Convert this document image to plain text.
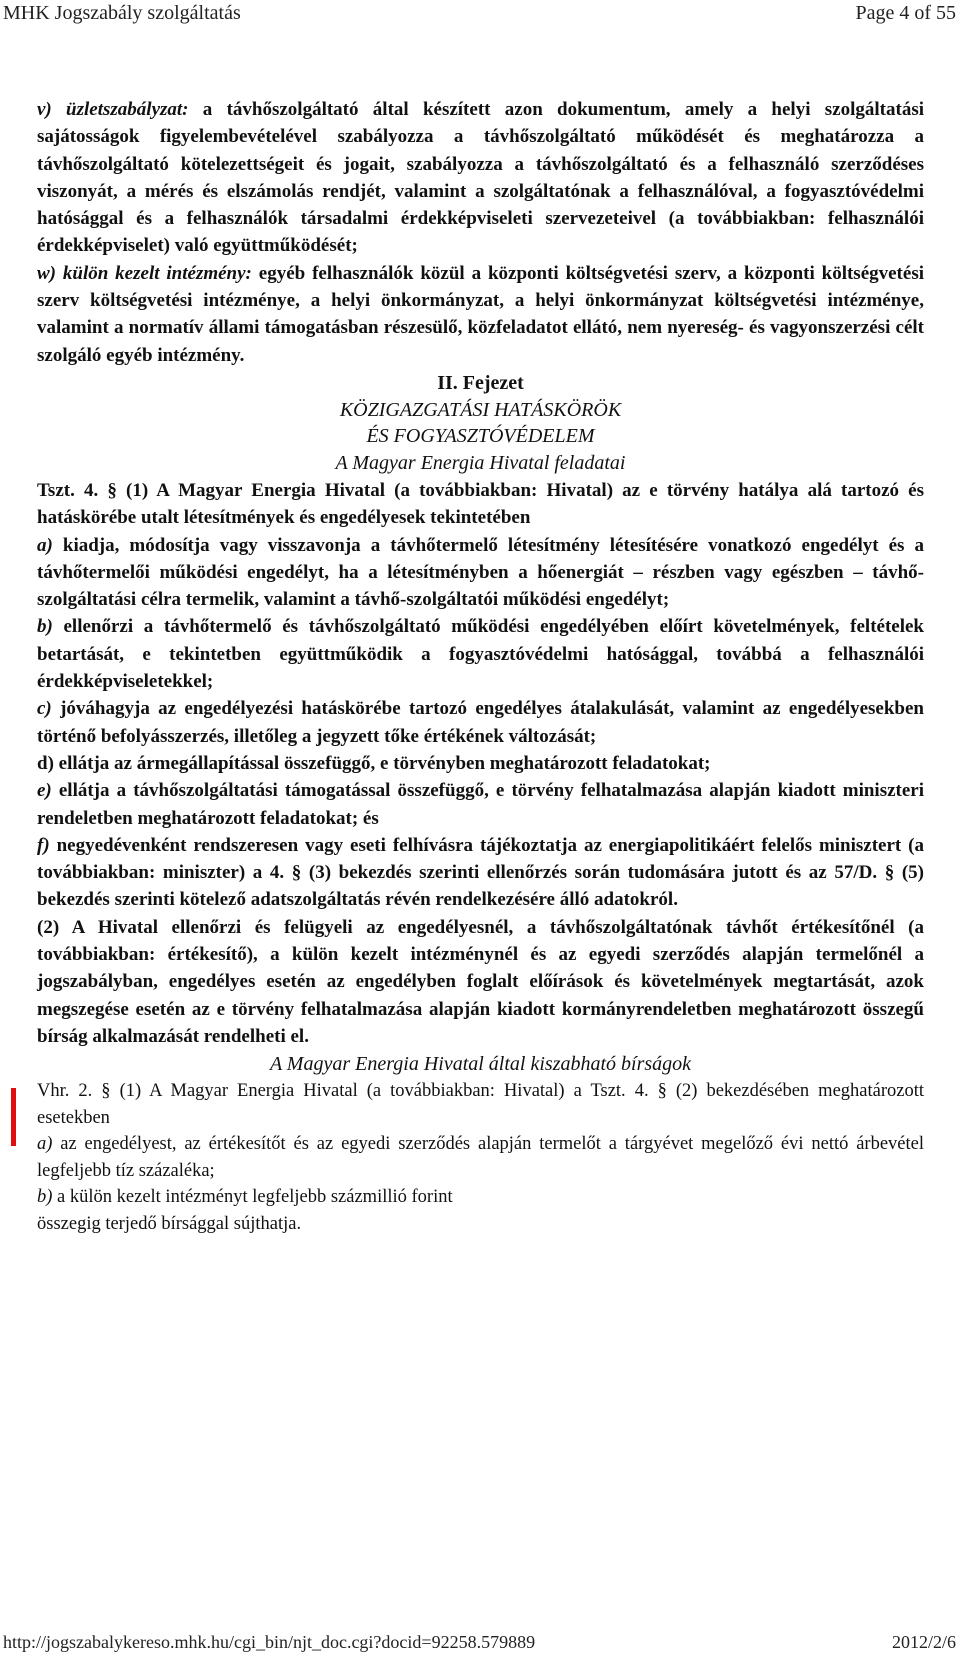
MHK Jogszabály szolgáltatás	Page 4 of 55

v) üzletszabályzat: a távhőszolgáltató által készített azon dokumentum, amely a helyi szolgáltatási sajátosságok figyelembevételével szabályozza a távhőszolgáltató működését és meghatározza a távhőszolgáltató kötelezettségeit és jogait, szabályozza a távhőszolgáltató és a felhasználó szerződéses viszonyát, a mérés és elszámolás rendjét, valamint a szolgáltatónak a felhasználóval, a fogyasztóvédelmi hatósággal és a felhasználók társadalmi érdekképviseleti szervezeteivel (a továbbiakban: felhasználói érdekképviselet) való együttműködését;

w) külön kezelt intézmény: egyéb felhasználók közül a központi költségvetési szerv, a központi költségvetési szerv költségvetési intézménye, a helyi önkormányzat, a helyi önkormányzat költségvetési intézménye, valamint a normatív állami támogatásban részesülő, közfeladatot ellátó, nem nyereség- és vagyonszerzési célt szolgáló egyéb intézmény.

II. Fejezet

KÖZIGAZGATÁSI HATÁSKÖRÖK
ÉS FOGYASZTÓVÉDELEM

A Magyar Energia Hivatal feladatai

Tszt. 4. § (1) A Magyar Energia Hivatal (a továbbiakban: Hivatal) az e törvény hatálya alá tartozó és hatáskörébe utalt létesítmények és engedélyesek tekintetében

a) kiadja, módosítja vagy visszavonja a távhőtermelő létesítmény létesítésére vonatkozó engedélyt és a távhőtermelői működési engedélyt, ha a létesítményben a hőenergiát – részben vagy egészben – távhő-szolgáltatási célra termelik, valamint a távhő-szolgáltatói működési engedélyt;

b) ellenőrzi a távhőtermelő és távhőszolgáltató működési engedélyében előírt követelmények, feltételek betartását, e tekintetben együttműködik a fogyasztóvédelmi hatósággal, továbbá a felhasználói érdekképviseletekkel;

c) jóváhagyja az engedélyezési hatáskörébe tartozó engedélyes átalakulását, valamint az engedélyesekben történő befolyásszerzés, illetőleg a jegyzett tőke értékének változását;

d) ellátja az ármegállapítással összefüggő, e törvényben meghatározott feladatokat;

e) ellátja a távhőszolgáltatási támogatással összefüggő, e törvény felhatalmazása alapján kiadott miniszteri rendeletben meghatározott feladatokat; és

f) negyedévenként rendszeresen vagy eseti felhívásra tájékoztatja az energiapolitikáért felelős minisztert (a továbbiakban: miniszter) a 4. § (3) bekezdés szerinti ellenőrzés során tudomására jutott és az 57/D. § (5) bekezdés szerinti kötelező adatszolgáltatás révén rendelkezésére álló adatokról.

(2) A Hivatal ellenőrzi és felügyeli az engedélyesnél, a távhőszolgáltatónak távhőt értékesítőnél (a továbbiakban: értékesítő), a külön kezelt intézménynél és az egyedi szerződés alapján termelőnél a jogszabályban, engedélyes esetén az engedélyben foglalt előírások és követelmények megtartását, azok megszegése esetén az e törvény felhatalmazása alapján kiadott kormányrendeletben meghatározott összegű bírság alkalmazását rendelheti el.

A Magyar Energia Hivatal által kiszabható bírságok

Vhr. 2. § (1) A Magyar Energia Hivatal (a továbbiakban: Hivatal) a Tszt. 4. § (2) bekezdésében meghatározott esetekben

a) az engedélyest, az értékesítőt és az egyedi szerződés alapján termelőt a tárgyévet megelőző évi nettó árbevétel legfeljebb tíz százaléka;

b) a külön kezelt intézményt legfeljebb százmillió forint

összegig terjedő bírsággal sújthatja.

http://jogszabalykereso.mhk.hu/cgi_bin/njt_doc.cgi?docid=92258.579889	2012/2/6
